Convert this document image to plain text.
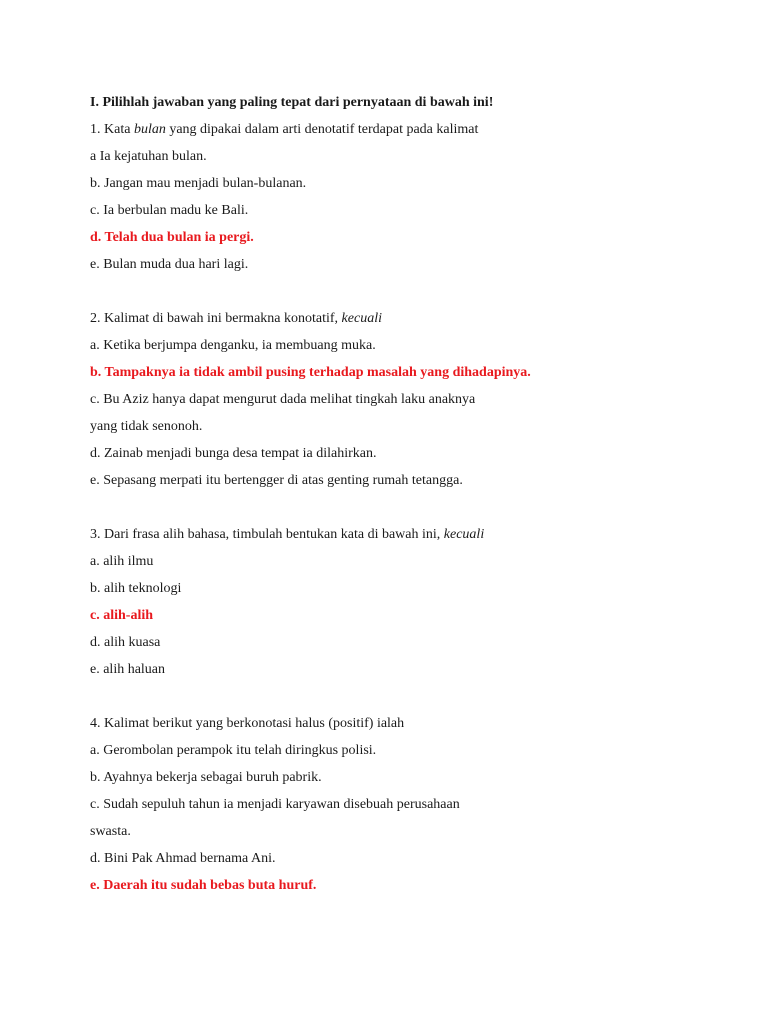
I. Pilihlah jawaban yang paling tepat dari pernyataan di bawah ini!
1. Kata bulan yang dipakai dalam arti denotatif terdapat pada kalimat
a Ia kejatuhan bulan.
b. Jangan mau menjadi bulan-bulanan.
c. Ia berbulan madu ke Bali.
d. Telah dua bulan ia pergi.
e. Bulan muda dua hari lagi.
2. Kalimat di bawah ini bermakna konotatif, kecuali
a. Ketika berjumpa denganku, ia membuang muka.
b. Tampaknya ia tidak ambil pusing terhadap masalah yang dihadapinya.
c. Bu Aziz hanya dapat mengurut dada melihat tingkah laku anaknya
yang tidak senonoh.
d. Zainab menjadi bunga desa tempat ia dilahirkan.
e. Sepasang merpati itu bertengger di atas genting rumah tetangga.
3. Dari frasa alih bahasa, timbulah bentukan kata di bawah ini, kecuali
a. alih ilmu
b. alih teknologi
c. alih-alih
d. alih kuasa
e. alih haluan
4. Kalimat berikut yang berkonotasi halus (positif) ialah
a. Gerombolan perampok itu telah diringkus polisi.
b. Ayahnya bekerja sebagai buruh pabrik.
c. Sudah sepuluh tahun ia menjadi karyawan disebuah perusahaan
swasta.
d. Bini Pak Ahmad bernama Ani.
e. Daerah itu sudah bebas buta huruf.
